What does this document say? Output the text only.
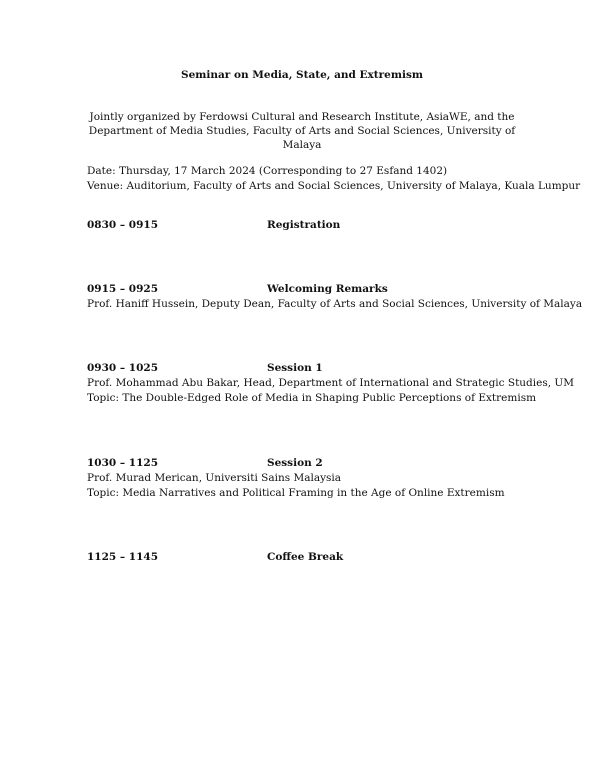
Seminar on Media, State, and Extremism
Jointly organized by Ferdowsi Cultural and Research Institute, AsiaWE, and the Department of Media Studies, Faculty of Arts and Social Sciences, University of Malaya
Date: Thursday, 17 March 2024 (Corresponding to 27 Esfand 1402)
Venue: Auditorium, Faculty of Arts and Social Sciences, University of Malaya, Kuala Lumpur
0830 – 0915	Registration
0915 – 0925	Welcoming Remarks
Prof. Haniff Hussein, Deputy Dean, Faculty of Arts and Social Sciences, University of Malaya
0930 – 1025	Session 1
Prof. Mohammad Abu Bakar, Head, Department of International and Strategic Studies, UM
Topic: The Double-Edged Role of Media in Shaping Public Perceptions of Extremism
1030 – 1125	Session 2
Prof. Murad Merican, Universiti Sains Malaysia
Topic: Media Narratives and Political Framing in the Age of Online Extremism
1125 – 1145	Coffee Break
